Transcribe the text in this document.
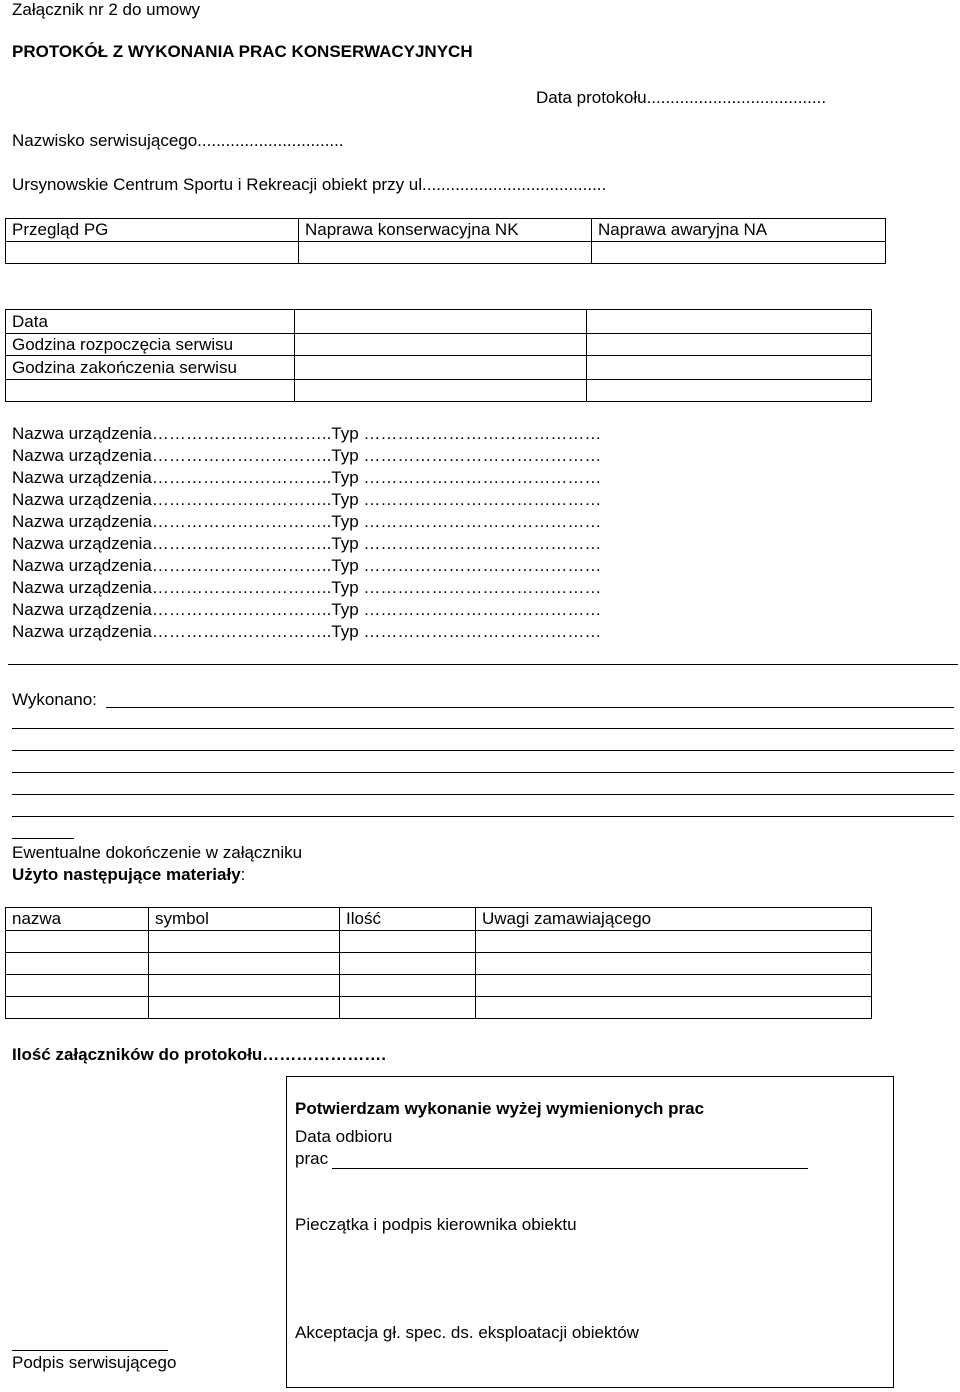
Załącznik nr 2 do umowy
PROTOKÓŁ Z WYKONANIA PRAC KONSERWACYJNYCH
Data protokołu......................................
Nazwisko serwisującego...............................
Ursynowskie Centrum Sportu i Rekreacji obiekt przy ul.......................................
Przegląd PG	Naprawa konserwacyjna NK	Naprawa awaryjna NA

Data		
Godzina rozpoczęcia serwisu		
Godzina zakończenia serwisu		

Nazwa urządzenia…………………………..Typ ……………………………………
Nazwa urządzenia…………………………..Typ ……………………………………
Nazwa urządzenia…………………………..Typ ……………………………………
Nazwa urządzenia…………………………..Typ ……………………………………
Nazwa urządzenia…………………………..Typ ……………………………………
Nazwa urządzenia…………………………..Typ ……………………………………
Nazwa urządzenia…………………………..Typ ……………………………………
Nazwa urządzenia…………………………..Typ ……………………………………
Nazwa urządzenia…………………………..Typ ……………………………………
Nazwa urządzenia…………………………..Typ ……………………………………
Wykonano:
Ewentualne dokończenie w załączniku
Użyto następujące materiały:
nazwa	symbol	Ilość	Uwagi zamawiającego

Ilość załączników do protokołu………………….
Potwierdzam wykonanie wyżej wymienionych prac
Data odbioru
prac
Pieczątka i podpis kierownika obiektu
Akceptacja gł. spec. ds. eksploatacji obiektów
Podpis serwisującego
